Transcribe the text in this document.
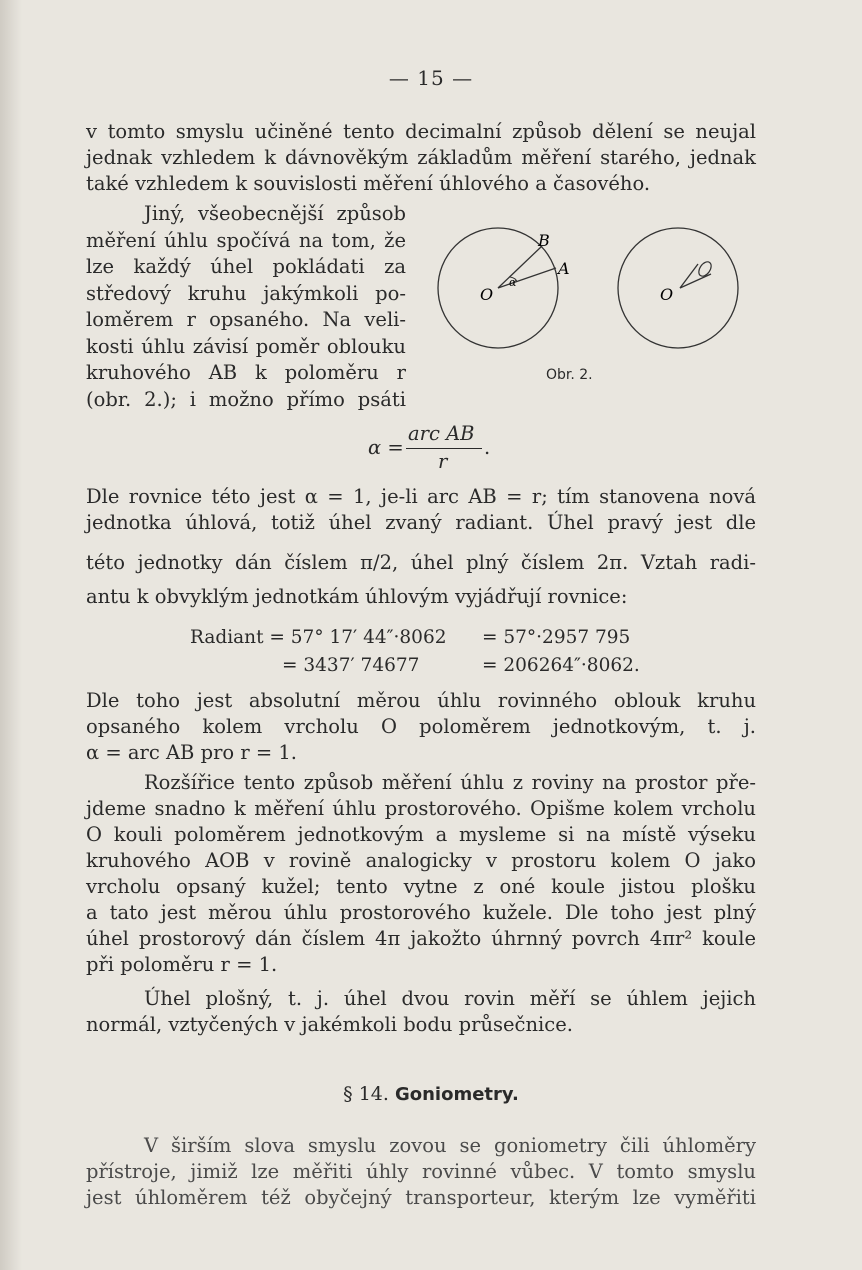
— 15 —
v tomto smyslu učiněné tento decimalní způsob dělení se neujal
jednak vzhledem k dávnověkým základům měření starého, jednak
také vzhledem k souvislosti měření úhlového a časového.
Jiný, všeobecnější způsob
měření úhlu spočívá na tom, že
lze každý úhel pokládati za
středový kruhu jakýmkoli po-
loměrem r opsaného. Na veli-
kosti úhlu závisí poměr oblouku
kruhového AB k poloměru r
(obr. 2.); i možno přímo psáti
B
A
O
α
O
Obr. 2.
α =
arc AB
r
.
Dle rovnice této jest α = 1, je-li arc AB = r; tím stanovena nová
jednotka úhlová, totiž úhel zvaný radiant. Úhel pravý jest dle
této jednotky dán číslem π/2, úhel plný číslem 2π. Vztah radi-
antu k obvyklým jednotkám úhlovým vyjádřují rovnice:
Radiant = 57° 17′ 44″·8062 = 57°·2957 795
= 3437′ 74677	= 206264″·8062.
Dle toho jest absolutní měrou úhlu rovinného oblouk kruhu
opsaného kolem vrcholu O poloměrem jednotkovým, t. j.
α = arc AB pro r = 1.
Rozšířice tento způsob měření úhlu z roviny na prostor pře-
jdeme snadno k měření úhlu prostorového. Opišme kolem vrcholu
O kouli poloměrem jednotkovým a mysleme si na místě výseku
kruhového AOB v rovině analogicky v prostoru kolem O jako
vrcholu opsaný kužel; tento vytne z oné koule jistou plošku
a tato jest měrou úhlu prostorového kužele. Dle toho jest plný
úhel prostorový dán číslem 4π jakožto úhrnný povrch 4πr² koule
při poloměru r = 1.
Úhel plošný, t. j. úhel dvou rovin měří se úhlem jejich
normál, vztyčených v jakémkoli bodu průsečnice.
§ 14. Goniometry.
V širším slova smyslu zovou se goniometry čili úhloměry
přístroje, jimiž lze měřiti úhly rovinné vůbec. V tomto smyslu
jest úhloměrem též obyčejný transporteur, kterým lze vyměřiti
